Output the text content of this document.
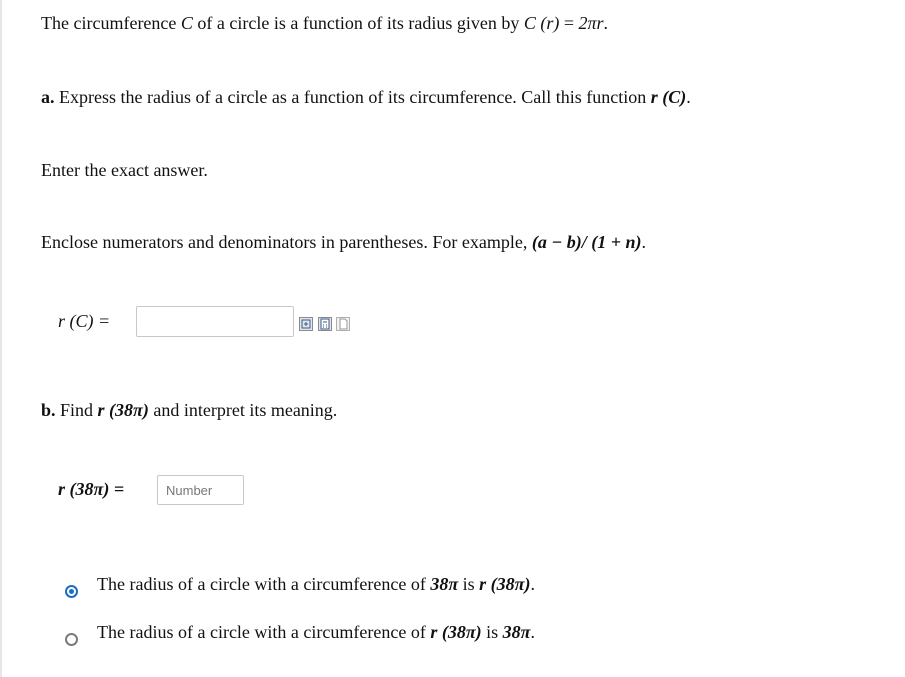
The circumference C of a circle is a function of its radius given by C (r) = 2πr.
a. Express the radius of a circle as a function of its circumference. Call this function r (C).
Enter the exact answer.
Enclose numerators and denominators in parentheses. For example, (a − b)/ (1 + n).
r (C) =
b. Find r (38π) and interpret its meaning.
r (38π) =
Number
The radius of a circle with a circumference of 38π is r (38π).
The radius of a circle with a circumference of r (38π) is 38π.
